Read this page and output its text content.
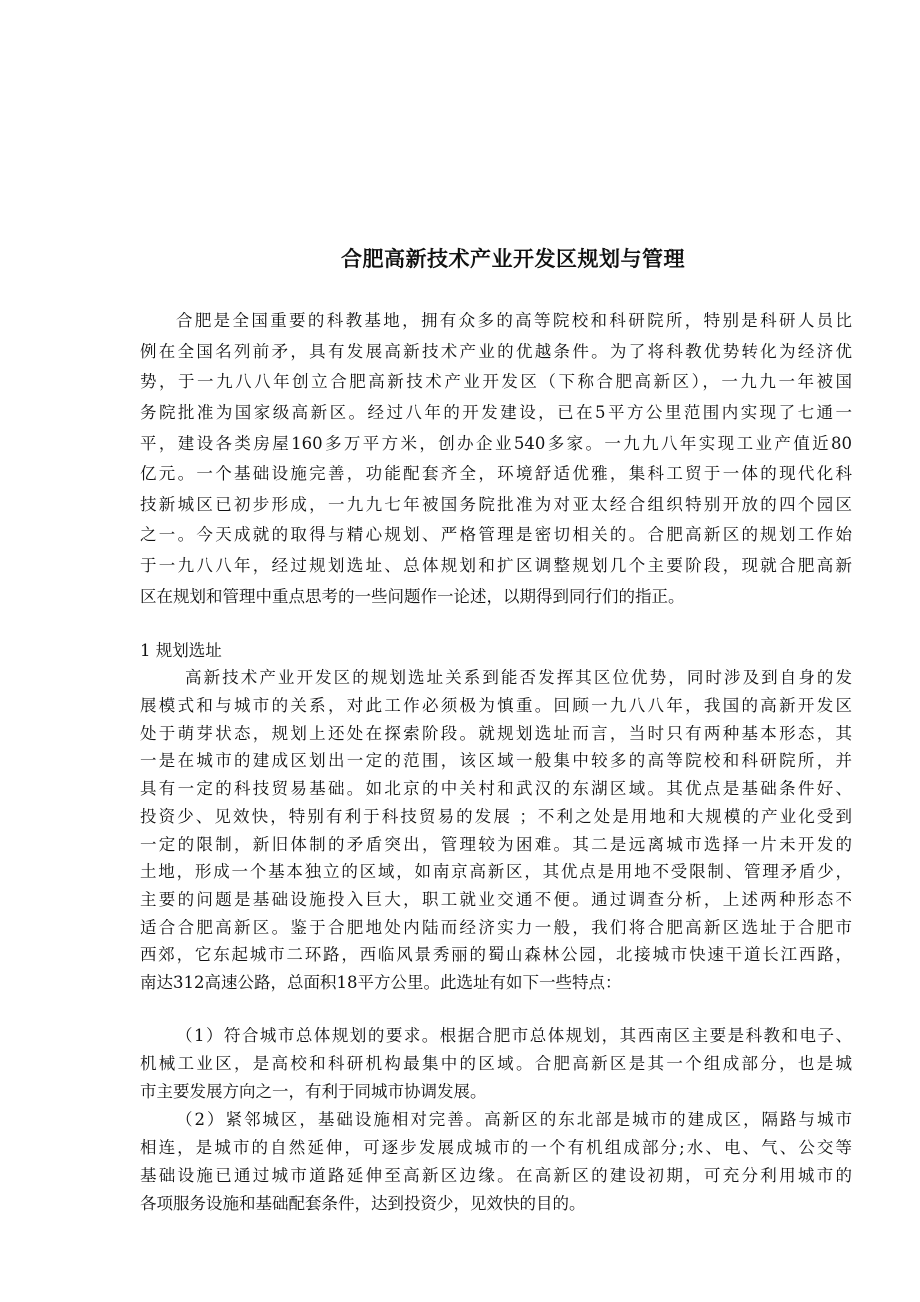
合肥高新技术产业开发区规划与管理
合肥是全国重要的科教基地，拥有众多的高等院校和科研院所，特别是科研人员比
例在全国名列前矛，具有发展高新技术产业的优越条件。为了将科教优势转化为经济优
势，于一九八八年创立合肥高新技术产业开发区（下称合肥高新区），一九九一年被国
务院批准为国家级高新区。经过八年的开发建设，已在5平方公里范围内实现了七通一
平，建设各类房屋160多万平方米，创办企业540多家。一九九八年实现工业产值近80
亿元。一个基础设施完善，功能配套齐全，环境舒适优雅，集科工贸于一体的现代化科
技新城区已初步形成，一九九七年被国务院批准为对亚太经合组织特别开放的四个园区
之一。今天成就的取得与精心规划、严格管理是密切相关的。合肥高新区的规划工作始
于一九八八年，经过规划选址、总体规划和扩区调整规划几个主要阶段，现就合肥高新
区在规划和管理中重点思考的一些问题作一论述，以期得到同行们的指正。
1 规划选址
高新技术产业开发区的规划选址关系到能否发挥其区位优势，同时涉及到自身的发
展模式和与城市的关系，对此工作必须极为慎重。回顾一九八八年，我国的高新开发区
处于萌芽状态，规划上还处在探索阶段。就规划选址而言，当时只有两种基本形态，其
一是在城市的建成区划出一定的范围，该区域一般集中较多的高等院校和科研院所，并
具有一定的科技贸易基础。如北京的中关村和武汉的东湖区域。其优点是基础条件好、
投资少、见效快，特别有利于科技贸易的发展 ；不利之处是用地和大规模的产业化受到
一定的限制，新旧体制的矛盾突出，管理较为困难。其二是远离城市选择一片未开发的
土地，形成一个基本独立的区域，如南京高新区，其优点是用地不受限制、管理矛盾少，
主要的问题是基础设施投入巨大，职工就业交通不便。通过调查分析，上述两种形态不
适合合肥高新区。鉴于合肥地处内陆而经济实力一般，我们将合肥高新区选址于合肥市
西郊，它东起城市二环路，西临风景秀丽的蜀山森林公园，北接城市快速干道长江西路，
南达312高速公路，总面积18平方公里。此选址有如下一些特点：
（1）符合城市总体规划的要求。根据合肥市总体规划，其西南区主要是科教和电子、
机械工业区，是高校和科研机构最集中的区域。合肥高新区是其一个组成部分，也是城
市主要发展方向之一，有利于同城市协调发展。
（2）紧邻城区，基础设施相对完善。高新区的东北部是城市的建成区，隔路与城市
相连，是城市的自然延伸，可逐步发展成城市的一个有机组成部分;水、电、气、公交等
基础设施已通过城市道路延伸至高新区边缘。在高新区的建设初期，可充分利用城市的
各项服务设施和基础配套条件，达到投资少，见效快的目的。
